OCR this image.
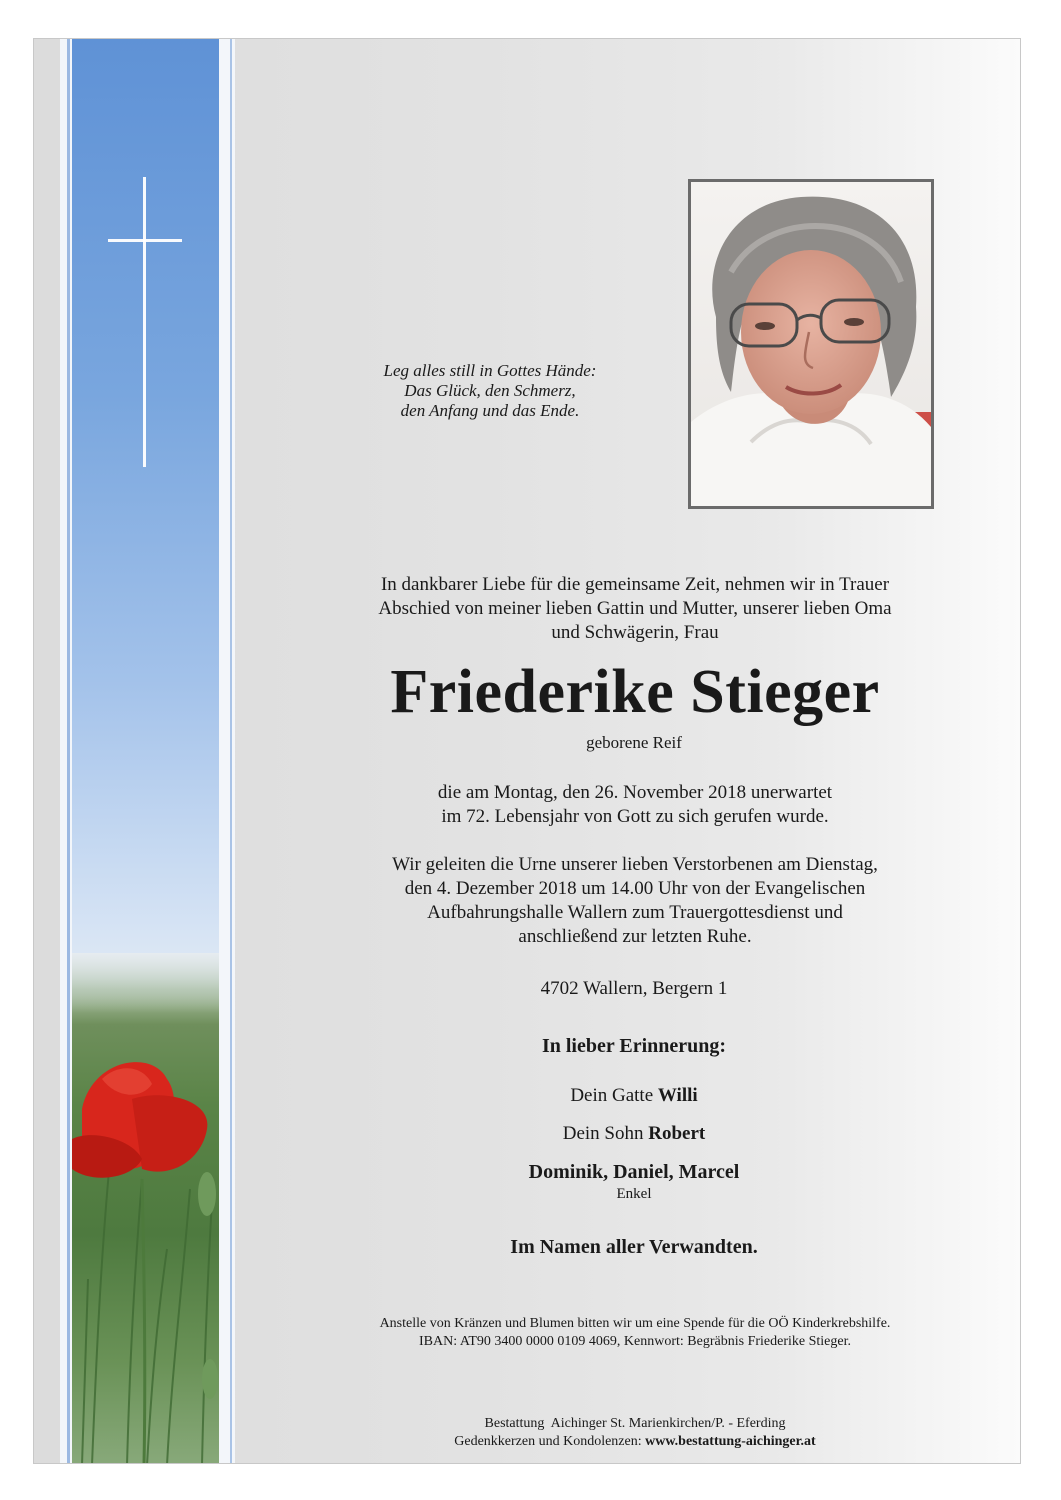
Leg alles still in Gottes Hände:
Das Glück, den Schmerz,
den Anfang und das Ende.
In dankbarer Liebe für die gemeinsame Zeit, nehmen wir in Trauer
Abschied von meiner lieben Gattin und Mutter, unserer lieben Oma
und Schwägerin, Frau
Friederike Stieger
geborene Reif
die am Montag, den 26. November 2018 unerwartet
im 72. Lebensjahr von Gott zu sich gerufen wurde.
Wir geleiten die Urne unserer lieben Verstorbenen am Dienstag,
den 4. Dezember 2018 um 14.00 Uhr von der Evangelischen
Aufbahrungshalle Wallern zum Trauergottesdienst und
anschließend zur letzten Ruhe.
4702 Wallern, Bergern 1
In lieber Erinnerung:
Dein Gatte Willi
Dein Sohn Robert
Dominik, Daniel, Marcel
Enkel
Im Namen aller Verwandten.
Anstelle von Kränzen und Blumen bitten wir um eine Spende für die OÖ Kinderkrebshilfe.
IBAN: AT90 3400 0000 0109 4069, Kennwort: Begräbnis Friederike Stieger.
Bestattung  Aichinger St. Marienkirchen/P. - Eferding
Gedenkkerzen und Kondolenzen: www.bestattung-aichinger.at
